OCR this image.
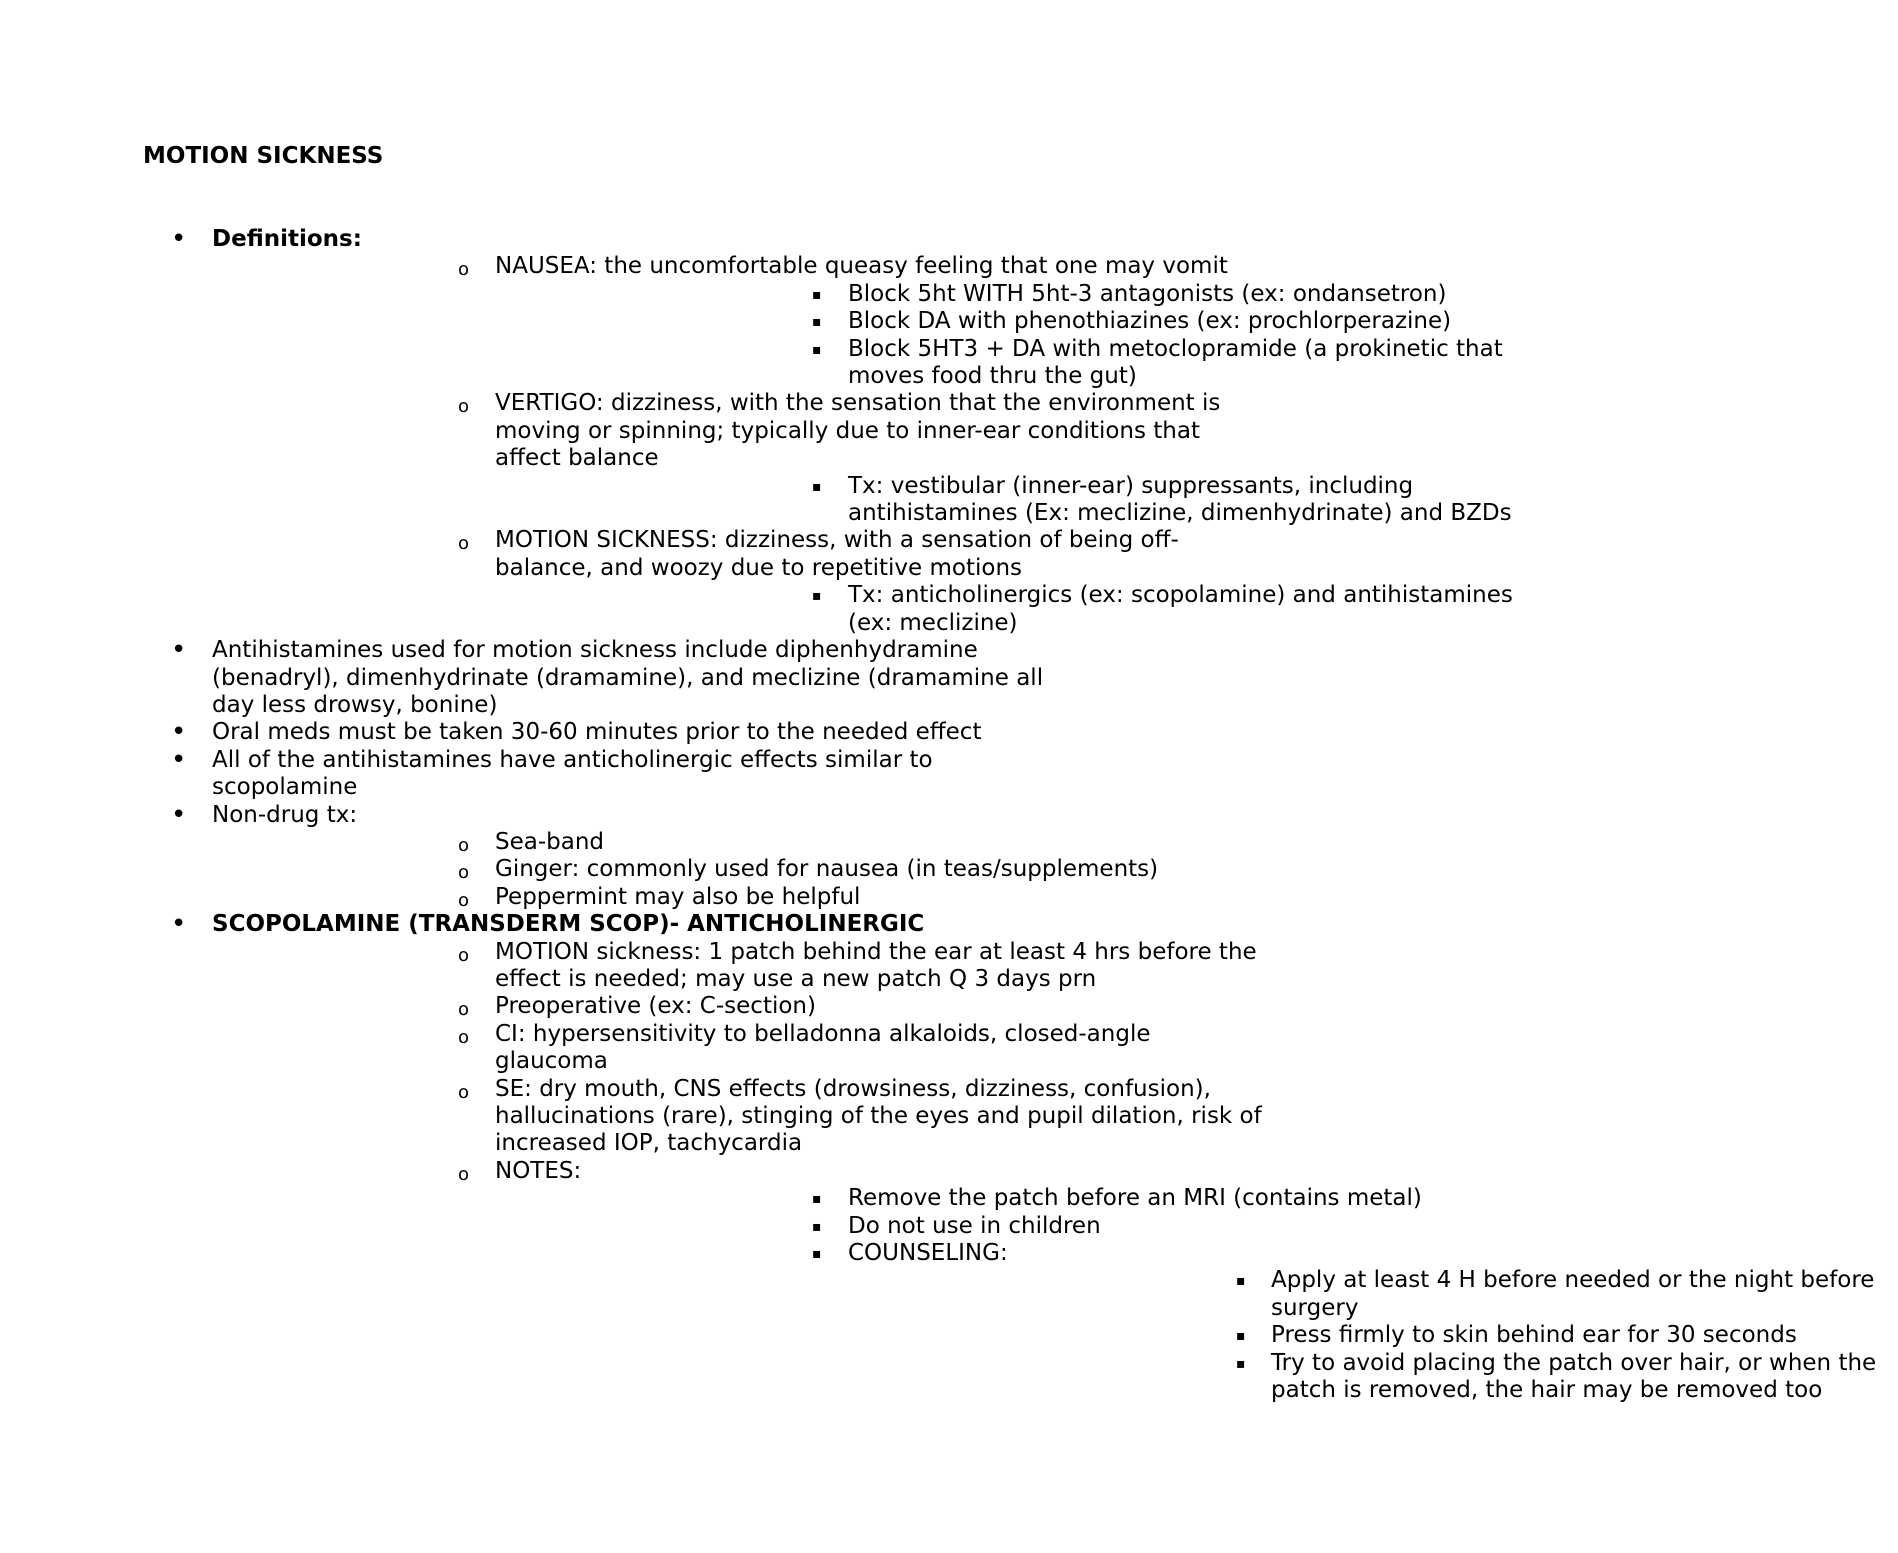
MOTION SICKNESS
• Definitions:
o NAUSEA: the uncomfortable queasy feeling that one may vomit
▪ Block 5ht WITH 5ht-3 antagonists (ex: ondansetron)
▪ Block DA with phenothiazines (ex: prochlorperazine)
▪ Block 5HT3 + DA with metoclopramide (a prokinetic that moves food thru the gut)
o VERTIGO: dizziness, with the sensation that the environment is moving or spinning; typically due to inner-ear conditions that affect balance
▪ Tx: vestibular (inner-ear) suppressants, including antihistamines (Ex: meclizine, dimenhydrinate) and BZDs
o MOTION SICKNESS: dizziness, with a sensation of being off-balance, and woozy due to repetitive motions
▪ Tx: anticholinergics (ex: scopolamine) and antihistamines (ex: meclizine)
• Antihistamines used for motion sickness include diphenhydramine (benadryl), dimenhydrinate (dramamine), and meclizine (dramamine all day less drowsy, bonine)
• Oral meds must be taken 30-60 minutes prior to the needed effect
• All of the antihistamines have anticholinergic effects similar to scopolamine
• Non-drug tx:
o Sea-band
o Ginger: commonly used for nausea (in teas/supplements)
o Peppermint may also be helpful
• SCOPOLAMINE (TRANSDERM SCOP)- ANTICHOLINERGIC
o MOTION sickness: 1 patch behind the ear at least 4 hrs before the effect is needed; may use a new patch Q 3 days prn
o Preoperative (ex: C-section)
o CI: hypersensitivity to belladonna alkaloids, closed-angle glaucoma
o SE: dry mouth, CNS effects (drowsiness, dizziness, confusion), hallucinations (rare), stinging of the eyes and pupil dilation, risk of increased IOP, tachycardia
o NOTES:
▪ Remove the patch before an MRI (contains metal)
▪ Do not use in children
▪ COUNSELING:
▪ Apply at least 4 H before needed or the night before surgery
▪ Press firmly to skin behind ear for 30 seconds
▪ Try to avoid placing the patch over hair, or when the patch is removed, the hair may be removed too
